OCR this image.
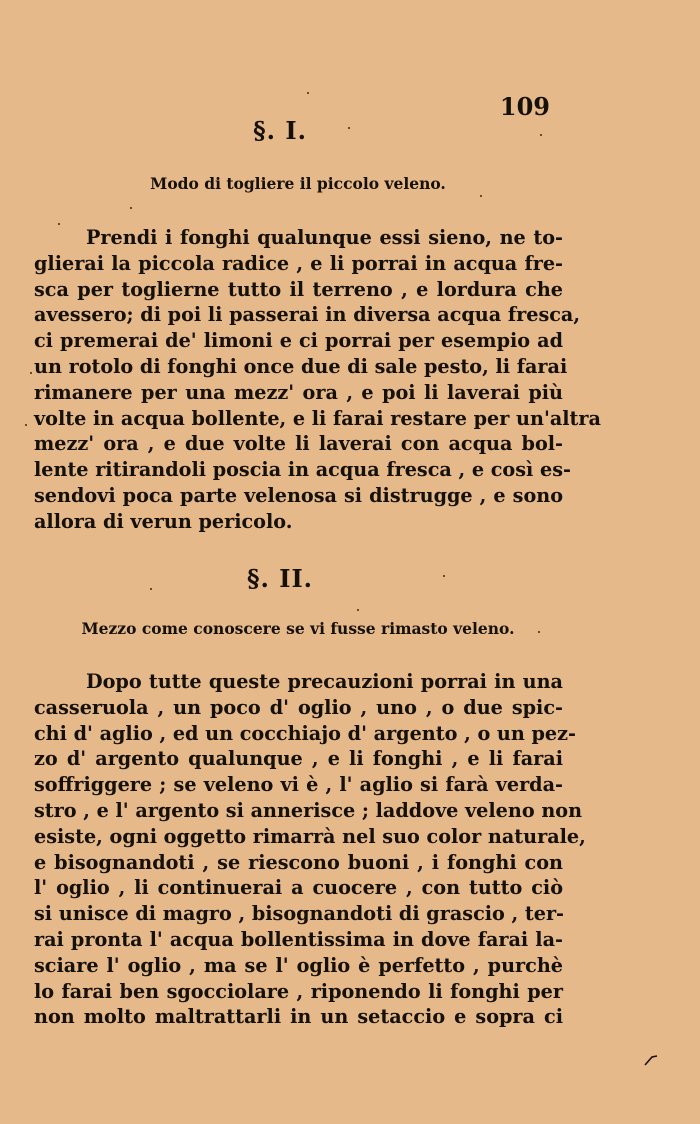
109
§. I.
Modo di togliere il piccolo veleno.
Prendi i fonghi qualunque essi sieno, ne to-
glierai la piccola radice , e li porrai in acqua fre-
sca per toglierne tutto il terreno , e lordura che
avessero; di poi li passerai in diversa acqua fresca,
ci premerai de' limoni e ci porrai per esempio ad
un rotolo di fonghi once due di sale pesto, li farai
rimanere per una mezz' ora , e poi li laverai più
volte in acqua bollente, e li farai restare per un'altra
mezz' ora , e due volte li laverai con acqua bol-
lente ritirandoli poscia in acqua fresca , e così es-
sendovi poca parte velenosa si distrugge , e sono
allora di verun pericolo.
§. II.
Mezzo come conoscere se vi fusse rimasto veleno.
Dopo tutte queste precauzioni porrai in una
casseruola , un poco d' oglio , uno , o due spic-
chi d' aglio , ed un cocchiajo d' argento , o un pez-
zo d' argento qualunque , e li fonghi , e li farai
soffriggere ; se veleno vi è , l' aglio si farà verda-
stro , e l' argento si annerisce ; laddove veleno non
esiste, ogni oggetto rimarrà nel suo color naturale,
e bisognandoti , se riescono buoni , i fonghi con
l' oglio , li continuerai a cuocere , con tutto ciò
si unisce di magro , bisognandoti di grascio , ter-
rai pronta l' acqua bollentissima in dove farai la-
sciare l' oglio , ma se l' oglio è perfetto , purchè
lo farai ben sgocciolare , riponendo li fonghi per
non molto maltrattarli in un setaccio e sopra ci
